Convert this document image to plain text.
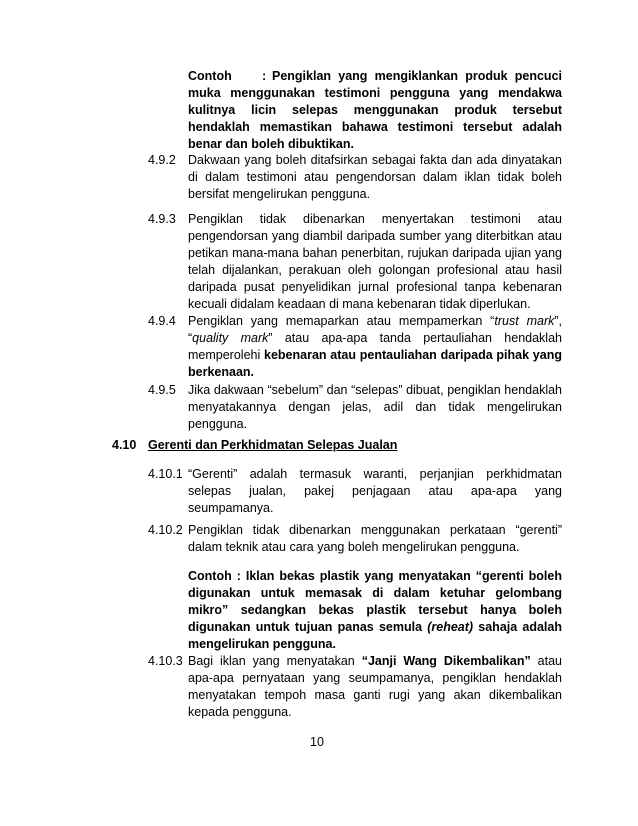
Contoh	: Pengiklan yang mengiklankan produk pencuci muka menggunakan testimoni pengguna yang mendakwa kulitnya licin selepas menggunakan produk tersebut hendaklah memastikan bahawa testimoni tersebut adalah benar dan boleh dibuktikan.
4.9.2 Dakwaan yang boleh ditafsirkan sebagai fakta dan ada dinyatakan di dalam testimoni atau pengendorsan dalam iklan tidak boleh bersifat mengelirukan pengguna.
4.9.3 Pengiklan tidak dibenarkan menyertakan testimoni atau pengendorsan yang diambil daripada sumber yang diterbitkan atau petikan mana-mana bahan penerbitan, rujukan daripada ujian yang telah dijalankan, perakuan oleh golongan profesional atau hasil daripada pusat penyelidikan jurnal profesional tanpa kebenaran kecuali didalam keadaan di mana kebenaran tidak diperlukan.
4.9.4 Pengiklan yang memaparkan atau mempamerkan “trust mark”, “quality mark” atau apa-apa tanda pertauliahan hendaklah memperolehi kebenaran atau pentauliahan daripada pihak yang berkenaan.
4.9.5 Jika dakwaan “sebelum” dan “selepas” dibuat, pengiklan hendaklah menyatakannya dengan jelas, adil dan tidak mengelirukan pengguna.
4.10 Gerenti dan Perkhidmatan Selepas Jualan
4.10.1 “Gerenti” adalah termasuk waranti, perjanjian perkhidmatan selepas jualan, pakej penjagaan atau apa-apa yang seumpamanya.
4.10.2 Pengiklan tidak dibenarkan menggunakan perkataan “gerenti” dalam teknik atau cara yang boleh mengelirukan pengguna.
Contoh : Iklan bekas plastik yang menyatakan “gerenti boleh digunakan untuk memasak di dalam ketuhar gelombang mikro” sedangkan bekas plastik tersebut hanya boleh digunakan untuk tujuan panas semula (reheat) sahaja adalah mengelirukan pengguna.
4.10.3 Bagi iklan yang menyatakan “Janji Wang Dikembalikan” atau apa-apa pernyataan yang seumpamanya, pengiklan hendaklah menyatakan tempoh masa ganti rugi yang akan dikembalikan kepada pengguna.
10
